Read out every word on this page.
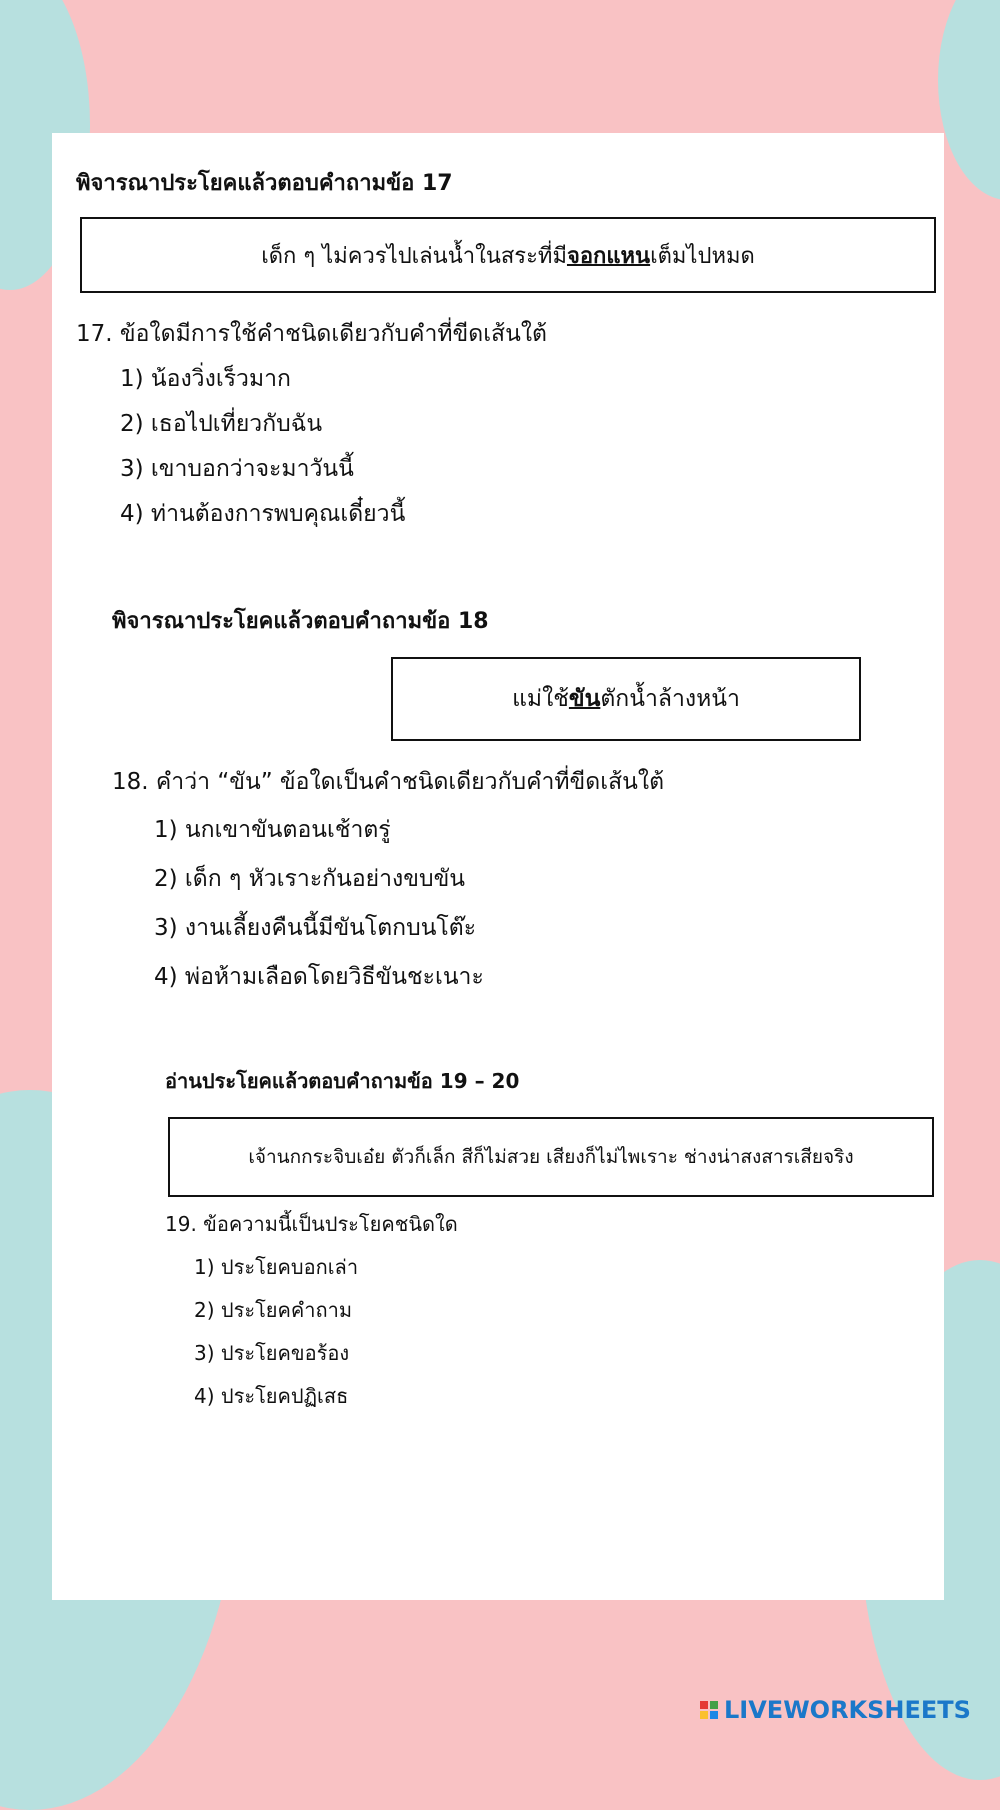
พิจารณาประโยคแล้วตอบคำถามข้อ 17
เด็ก ๆ ไม่ควรไปเล่นน้ำในสระที่มี จอกแหน เต็มไปหมด
17. ข้อใดมีการใช้คำชนิดเดียวกับคำที่ขีดเส้นใต้
1) น้องวิ่งเร็วมาก
2) เธอไปเที่ยวกับฉัน
3) เขาบอกว่าจะมาวันนี้
4) ท่านต้องการพบคุณเดี๋ยวนี้
พิจารณาประโยคแล้วตอบคำถามข้อ 18
แม่ใช้ ขัน ตักน้ำล้างหน้า
18. คำว่า “ขัน” ข้อใดเป็นคำชนิดเดียวกับคำที่ขีดเส้นใต้
1) นกเขาขันตอนเช้าตรู่
2) เด็ก ๆ หัวเราะกันอย่างขบขัน
3) งานเลี้ยงคืนนี้มีขันโตกบนโต๊ะ
4) พ่อห้ามเลือดโดยวิธีขันชะเนาะ
อ่านประโยคแล้วตอบคำถามข้อ 19 – 20
เจ้านกกระจิบเอ๋ย ตัวก็เล็ก สีก็ไม่สวย เสียงก็ไม่ไพเราะ ช่างน่าสงสารเสียจริง
19. ข้อความนี้เป็นประโยคชนิดใด
1) ประโยคบอกเล่า
2) ประโยคคำถาม
3) ประโยคขอร้อง
4) ประโยคปฏิเสธ
LIVEWORKSHEETS
